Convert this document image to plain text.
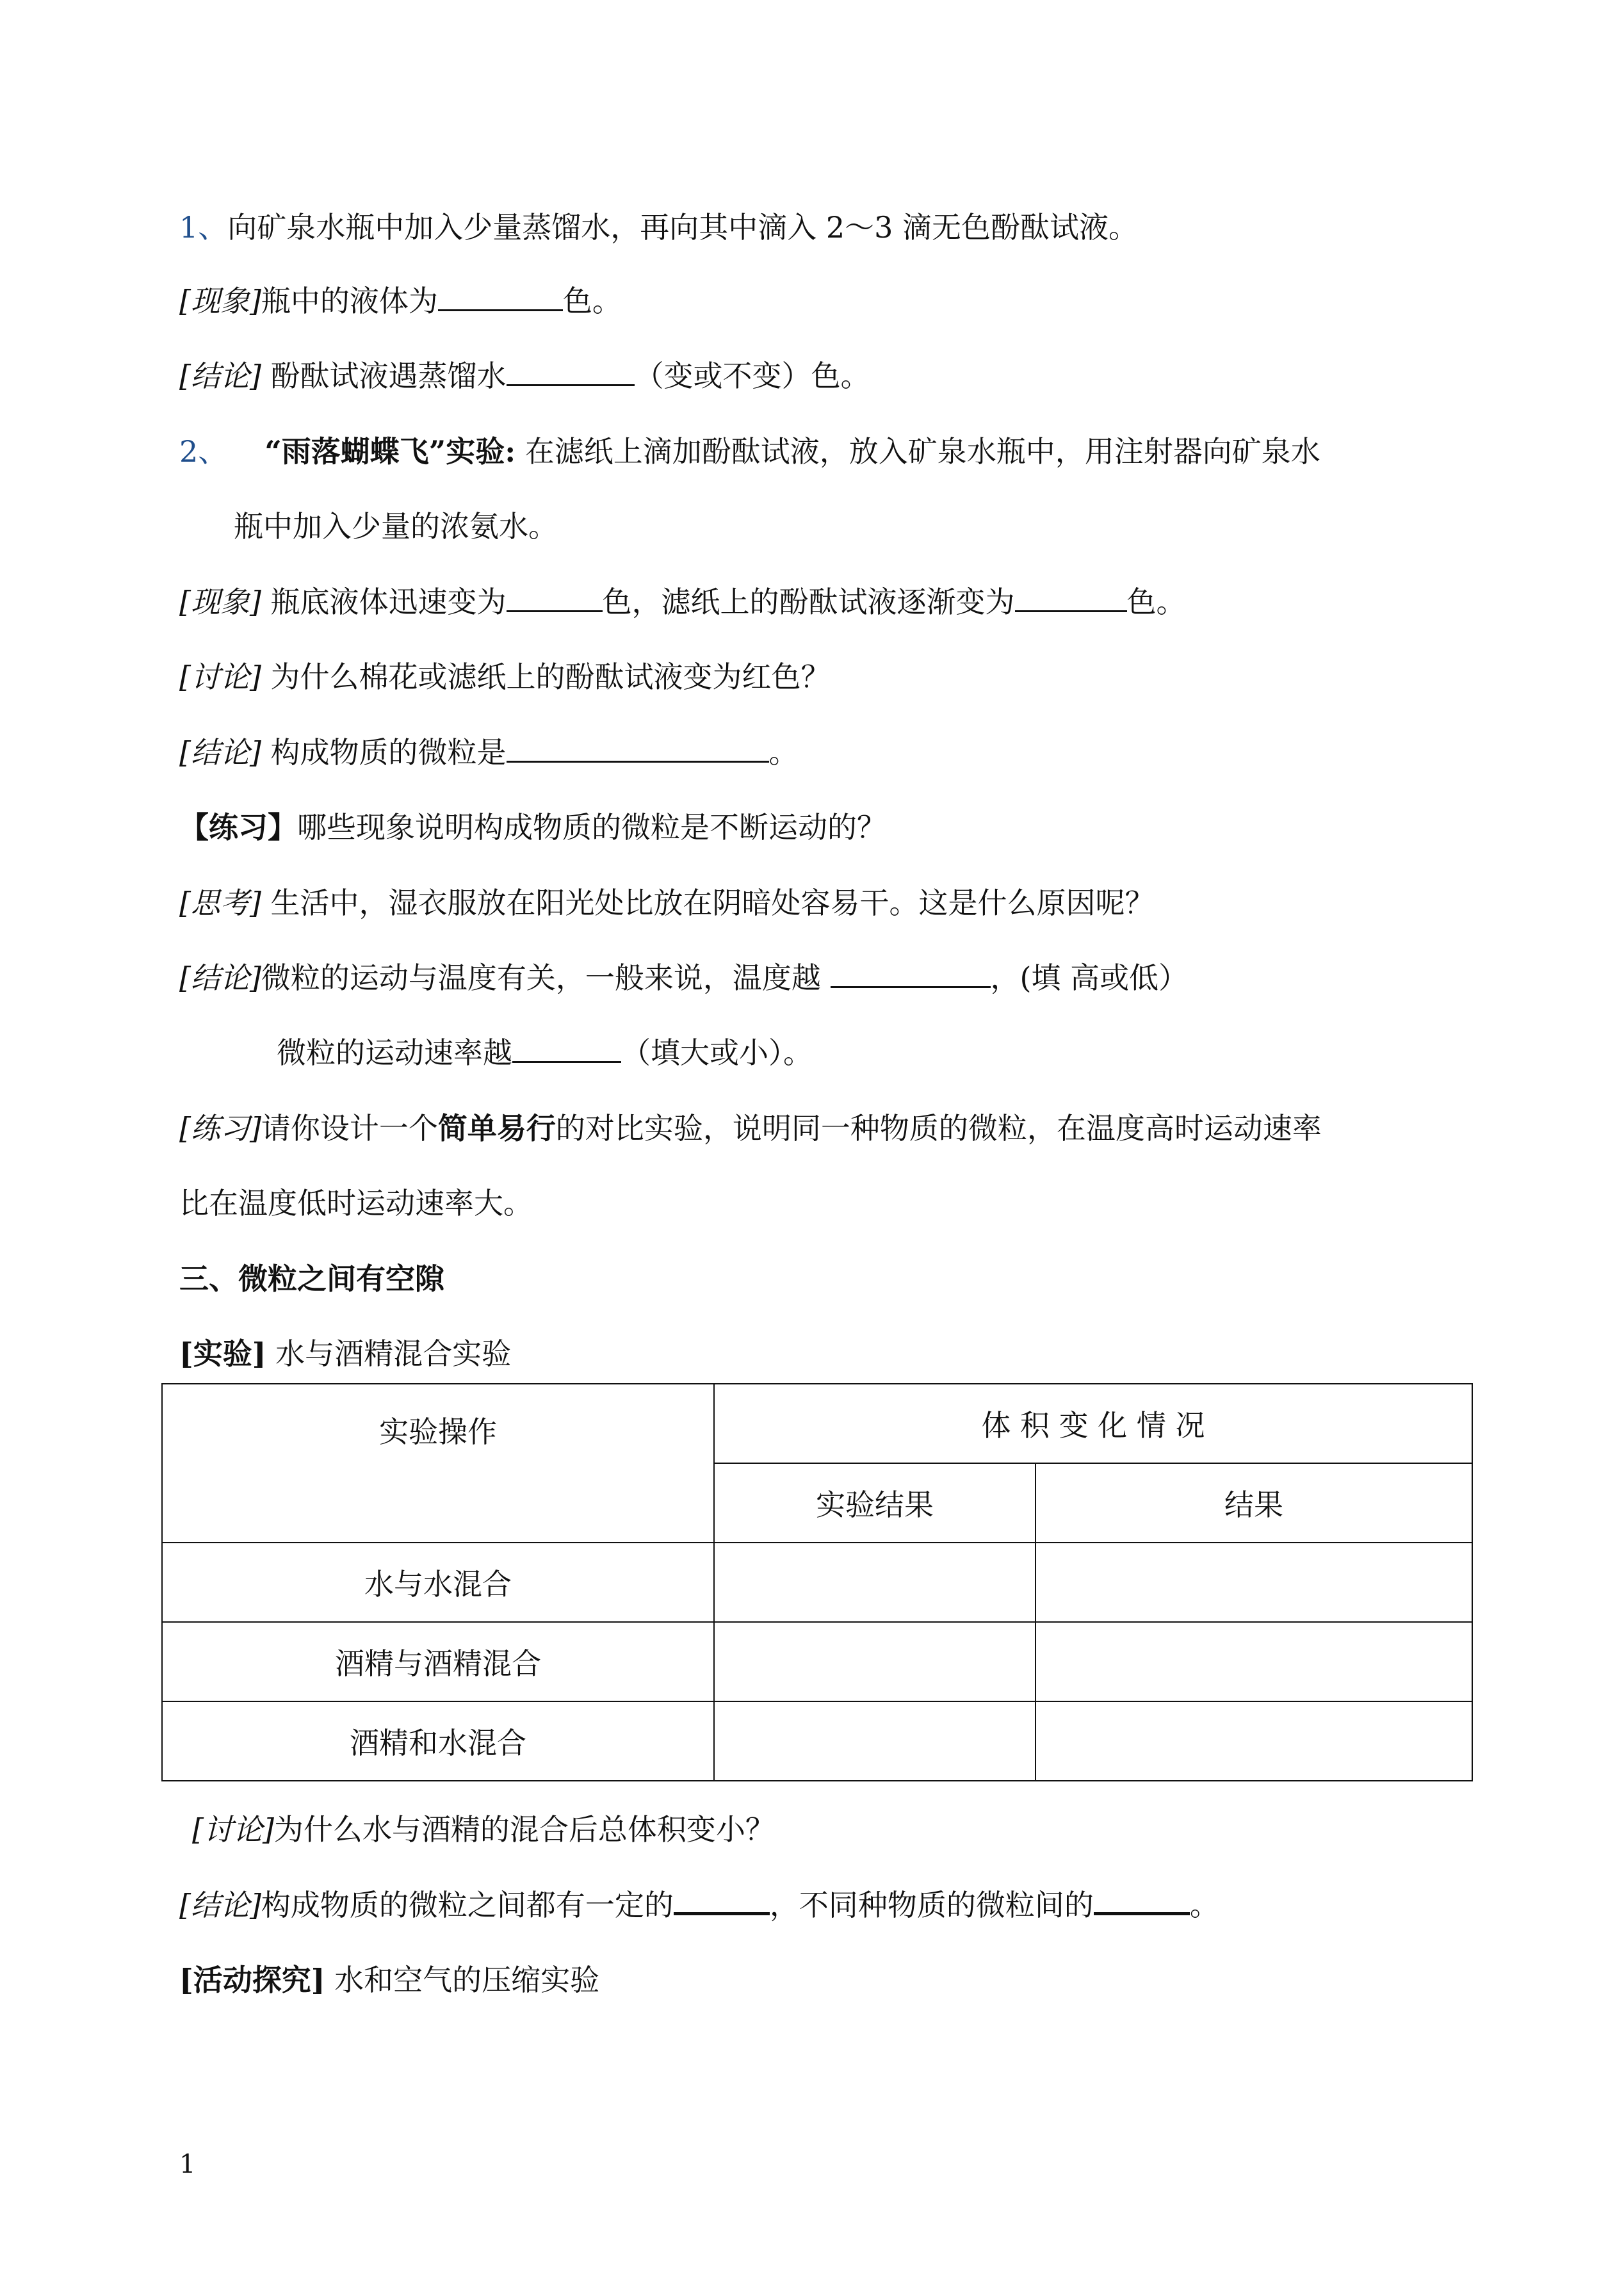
1、向矿泉水瓶中加入少量蒸馏水，再向其中滴入 2～3 滴无色酚酞试液。
[现象]瓶中的液体为	色。
[结论] 酚酞试液遇蒸馏水	（变或不变）色。
2、 “雨落蝴蝶飞”实验: 在滤纸上滴加酚酞试液，放入矿泉水瓶中，用注射器向矿泉水
瓶中加入少量的浓氨水。
[现象] 瓶底液体迅速变为	色，滤纸上的酚酞试液逐渐变为	色。
[讨论] 为什么棉花或滤纸上的酚酞试液变为红色？
[结论] 构成物质的微粒是	。
【练习】哪些现象说明构成物质的微粒是不断运动的？
[思考] 生活中，湿衣服放在阳光处比放在阴暗处容易干。这是什么原因呢？
[结论]微粒的运动与温度有关，一般来说，温度越	，(填 高或低）
微粒的运动速率越	（填大或小）。
[练习]请你设计一个简单易行的对比实验，说明同一种物质的微粒，在温度高时运动速率
比在温度低时运动速率大。
三、微粒之间有空隙
[实验] 水与酒精混合实验
实验操作	体 积 变 化 情 况	
	实验结果	结果
水与水混合		
酒精与酒精混合		
酒精和水混合		
[讨论]为什么水与酒精的混合后总体积变小？
[结论]构成物质的微粒之间都有一定的	，不同种物质的微粒间的	。
[活动探究] 水和空气的压缩实验
1
